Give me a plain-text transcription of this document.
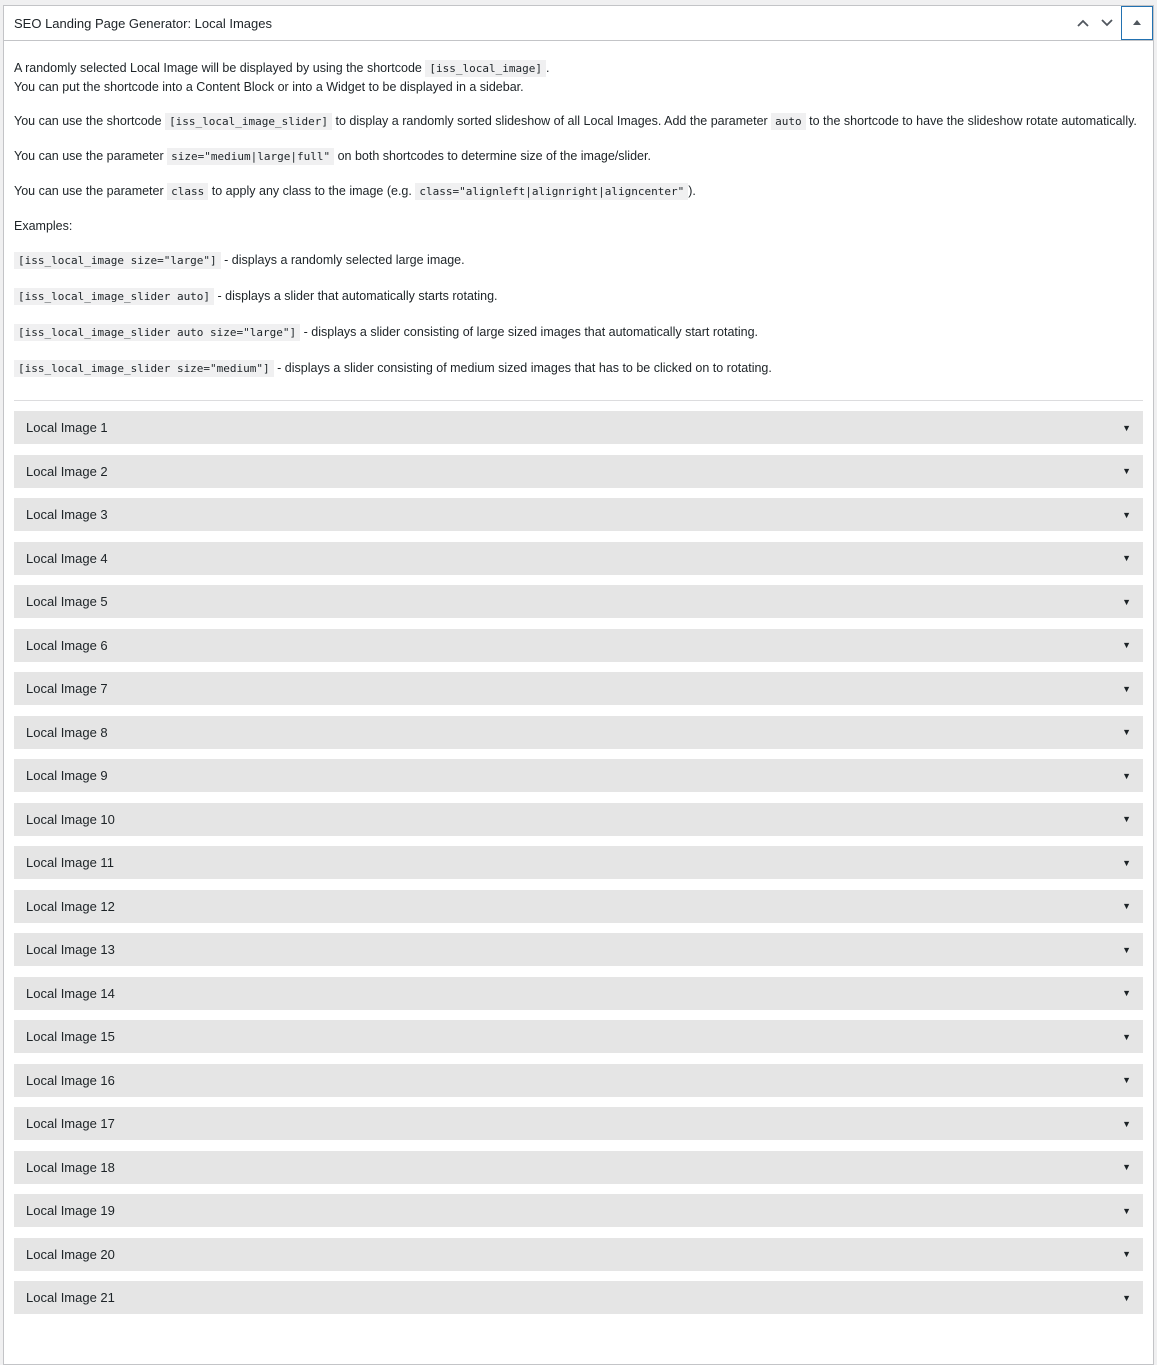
SEO Landing Page Generator: Local Images

A randomly selected Local Image will be displayed by using the shortcode [iss_local_image] .
You can put the shortcode into a Content Block or into a Widget to be displayed in a sidebar.

You can use the shortcode [iss_local_image_slider] to display a randomly sorted slideshow of all Local Images. Add the parameter auto to the shortcode to have the slideshow rotate automatically.

You can use the parameter size="medium|large|full" on both shortcodes to determine size of the image/slider.

You can use the parameter class to apply any class to the image (e.g. class="alignleft|alignright|aligncenter" ).

Examples:

[iss_local_image size="large"] - displays a randomly selected large image.

[iss_local_image_slider auto] - displays a slider that automatically starts rotating.

[iss_local_image_slider auto size="large"] - displays a slider consisting of large sized images that automatically start rotating.

[iss_local_image_slider size="medium"] - displays a slider consisting of medium sized images that has to be clicked on to rotating.

Local Image 1	▼
Local Image 2	▼
Local Image 3	▼
Local Image 4	▼
Local Image 5	▼
Local Image 6	▼
Local Image 7	▼
Local Image 8	▼
Local Image 9	▼
Local Image 10	▼
Local Image 11	▼
Local Image 12	▼
Local Image 13	▼
Local Image 14	▼
Local Image 15	▼
Local Image 16	▼
Local Image 17	▼
Local Image 18	▼
Local Image 19	▼
Local Image 20	▼
Local Image 21	▼
